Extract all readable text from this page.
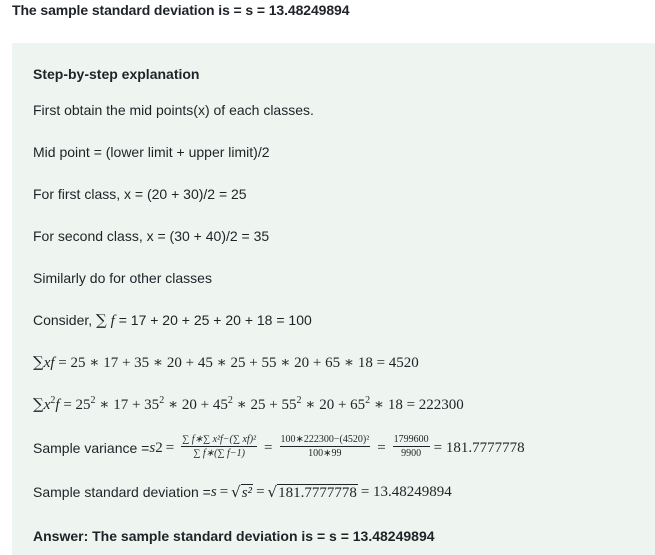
The sample standard deviation is = s = 13.48249894
Step-by-step explanation
First obtain the mid points(x) of each classes.
Mid point = (lower limit + upper limit)/2
For first class, x = (20 + 30)/2 = 25
For second class, x = (30 + 40)/2 = 35
Similarly do for other classes
Consider, ∑ f = 17 + 20 + 25 + 20 + 18 = 100
∑xf = 25 ∗ 17 + 35 ∗ 20 + 45 ∗ 25 + 55 ∗ 20 + 65 ∗ 18 = 4520
$\sum x^2f = 25^2$ ∗ $17 + 35^2$ ∗ $20 + 45^2$ ∗ $25 + 55^2$ ∗ $20 + 65^2$ ∗ 18 = 222300
Sample variance = s $2 = \frac{\text{∑ f∗∑ x²f−(∑ xf)²}}{\sum f∗(\sum f-1)} = \frac{\text{100∗222300−(4520)²}}{100∗99} = \frac{1799600}{9900} = 181.7777778$
Sample standard deviation = s = √ s² = √ 181.7777778 = 13.48249894
Answer: The sample standard deviation is = s = 13.48249894
